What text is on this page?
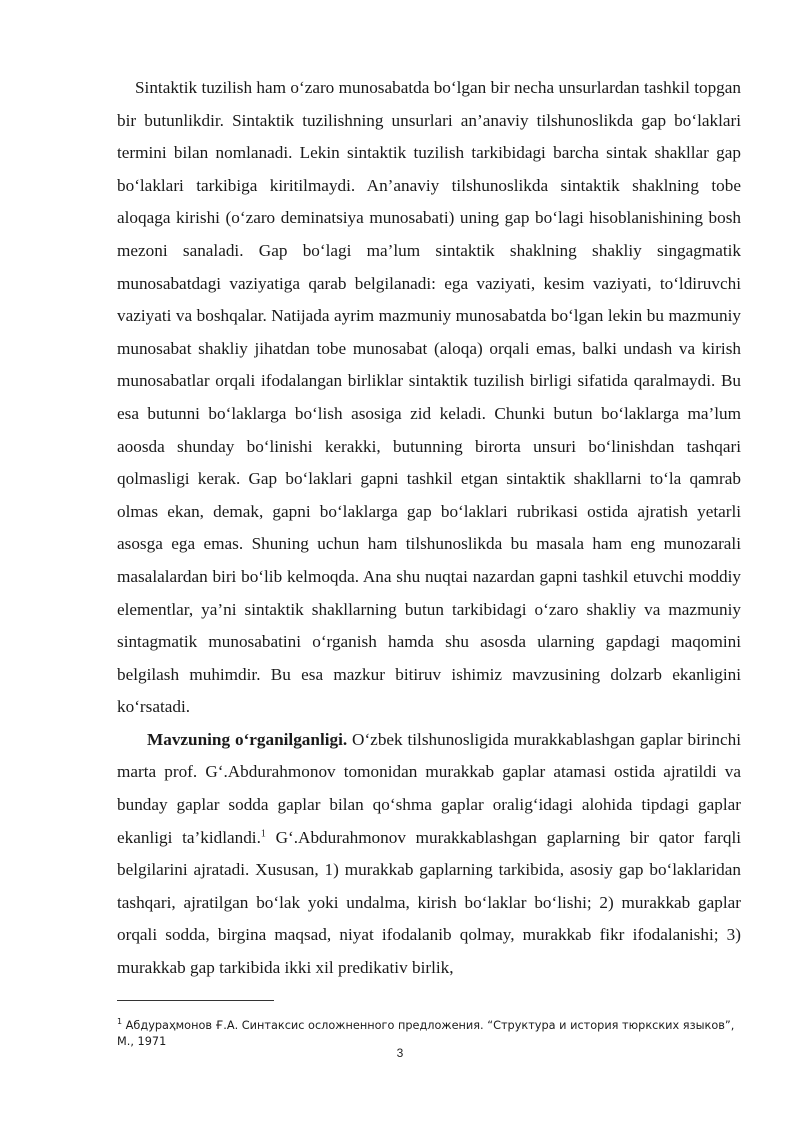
Sintaktik tuzilish ham o‘zaro munosabatda bo‘lgan bir necha unsurlardan tashkil topgan bir butunlikdir. Sintaktik tuzilishning unsurlari an’anaviy tilshunoslikda gap bo‘laklari termini bilan nomlanadi. Lekin sintaktik tuzilish tarkibidagi barcha sintak shakllar gap bo‘laklari tarkibiga kiritilmaydi. An’anaviy tilshunoslikda sintaktik shaklning tobe aloqaga kirishi (o‘zaro deminatsiya munosabati) uning gap bo‘lagi hisoblanishining bosh mezoni sanaladi. Gap bo‘lagi ma’lum sintaktik shaklning shakliy singagmatik munosabatdagi vaziyatiga qarab belgilanadi: ega vaziyati, kesim vaziyati, to‘ldiruvchi vaziyati va boshqalar. Natijada ayrim mazmuniy munosabatda bo‘lgan lekin bu mazmuniy munosabat shakliy jihatdan tobe munosabat (aloqa) orqali emas, balki undash va kirish munosabatlar orqali ifodalangan birliklar sintaktik tuzilish birligi sifatida qaralmaydi. Bu esa butunni bo‘laklarga bo‘lish asosiga zid keladi. Chunki butun bo‘laklarga ma’lum aoosda shunday bo‘linishi kerakki, butunning birorta unsuri bo‘linishdan tashqari qolmasligi kerak. Gap bo‘laklari gapni tashkil etgan sintaktik shakllarni to‘la qamrab olmas ekan, demak, gapni bo‘laklarga gap bo‘laklari rubrikasi ostida ajratish yetarli asosga ega emas. Shuning uchun ham tilshunoslikda bu masala ham eng munozarali masalalardan biri bo‘lib kelmoqda. Ana shu nuqtai nazardan gapni tashkil etuvchi moddiy elementlar, ya’ni sintaktik shakllarning butun tarkibidagi o‘zaro shakliy va mazmuniy sintagmatik munosabatini o‘rganish hamda shu asosda ularning gapdagi maqomini belgilash muhimdir. Bu esa mazkur bitiruv ishimiz mavzusining dolzarb ekanligini ko‘rsatadi.

Mavzuning o‘rganilganligi. O‘zbek tilshunosligida murakkablashgan gaplar birinchi marta prof. G‘.Abdurahmonov tomonidan murakkab gaplar atamasi ostida ajratildi va bunday gaplar sodda gaplar bilan qo‘shma gaplar oralig‘idagi alohida tipdagi gaplar ekanligi ta’kidlandi.$^1$ G‘.Abdurahmonov murakkablashgan gaplarning bir qator farqli belgilarini ajratadi. Xususan, 1) murakkab gaplarning tarkibida, asosiy gap bo‘laklaridan tashqari, ajratilgan bo‘lak yoki undalma, kirish bo‘laklar bo‘lishi; 2) murakkab gaplar orqali sodda, birgina maqsad, niyat ifodalanib qolmay, murakkab fikr ifodalanishi; 3) murakkab gap tarkibida ikki xil predikativ birlik,

$^1$ Абдураҳмонов Ғ.А. Синтаксис осложненного предложения. “Структура и история тюркских языков”, М., 1971
3
